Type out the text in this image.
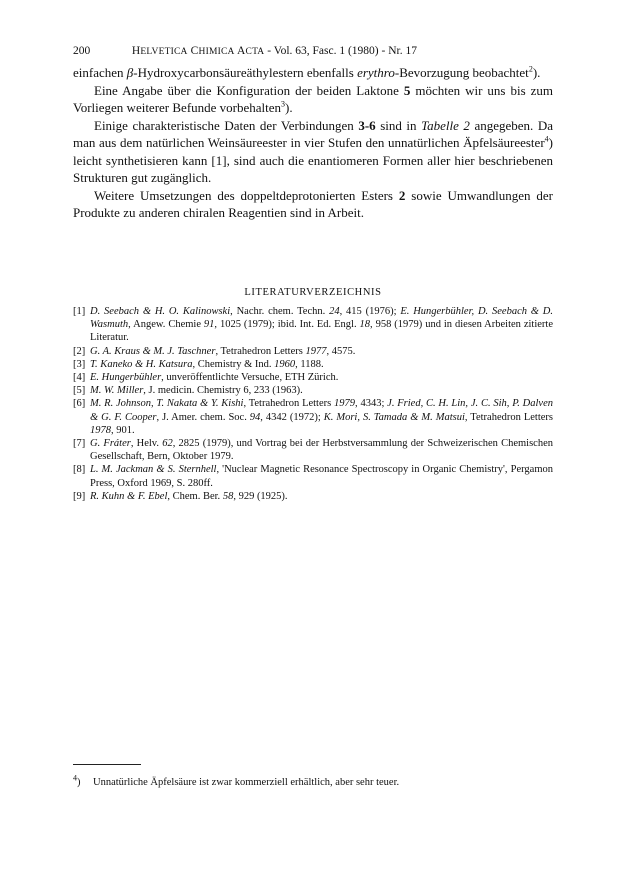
200	HELVETICA CHIMICA ACTA - Vol. 63, Fasc. 1 (1980) - Nr. 17

einfachen β-Hydroxycarbonsäureäthylestern ebenfalls erythro-Bevorzugung beobachtet$^2$).

Eine Angabe über die Konfiguration der beiden Laktone 5 möchten wir uns bis zum Vorliegen weiterer Befunde vorbehalten$^3$).

Einige charakteristische Daten der Verbindungen 3-6 sind in Tabelle 2 angegeben. Da man aus dem natürlichen Weinsäureester in vier Stufen den unnatürlichen Äpfelsäureester$^4$) leicht synthetisieren kann [1], sind auch die enantiomeren Formen aller hier beschriebenen Strukturen gut zugänglich.

Weitere Umsetzungen des doppeltdeprotonierten Esters 2 sowie Umwandlungen der Produkte zu anderen chiralen Reagentien sind in Arbeit.

LITERATURVERZEICHNIS

[1] D. Seebach & H. O. Kalinowski, Nachr. chem. Techn. 24, 415 (1976); E. Hungerbühler, D. Seebach & D. Wasmuth, Angew. Chemie 91, 1025 (1979); ibid. Int. Ed. Engl. 18, 958 (1979) und in diesen Arbeiten zitierte Literatur.

[2] G. A. Kraus & M. J. Taschner, Tetrahedron Letters 1977, 4575.

[3] T. Kaneko & H. Katsura, Chemistry & Ind. 1960, 1188.

[4] E. Hungerbühler, unveröffentlichte Versuche, ETH Zürich.

[5] M. W. Miller, J. medicin. Chemistry 6, 233 (1963).

[6] M. R. Johnson, T. Nakata & Y. Kishi, Tetrahedron Letters 1979, 4343; J. Fried, C. H. Lin, J. C. Sih, P. Dalven & G. F. Cooper, J. Amer. chem. Soc. 94, 4342 (1972); K. Mori, S. Tamada & M. Matsui, Tetrahedron Letters 1978, 901.

[7] G. Fráter, Helv. 62, 2825 (1979), und Vortrag bei der Herbstversammlung der Schweizerischen Chemischen Gesellschaft, Bern, Oktober 1979.

[8] L. M. Jackman & S. Sternhell, 'Nuclear Magnetic Resonance Spectroscopy in Organic Chemistry', Pergamon Press, Oxford 1969, S. 280ff.

[9] R. Kuhn & F. Ebel, Chem. Ber. 58, 929 (1925).

$^4$) Unnatürliche Äpfelsäure ist zwar kommerziell erhältlich, aber sehr teuer.
